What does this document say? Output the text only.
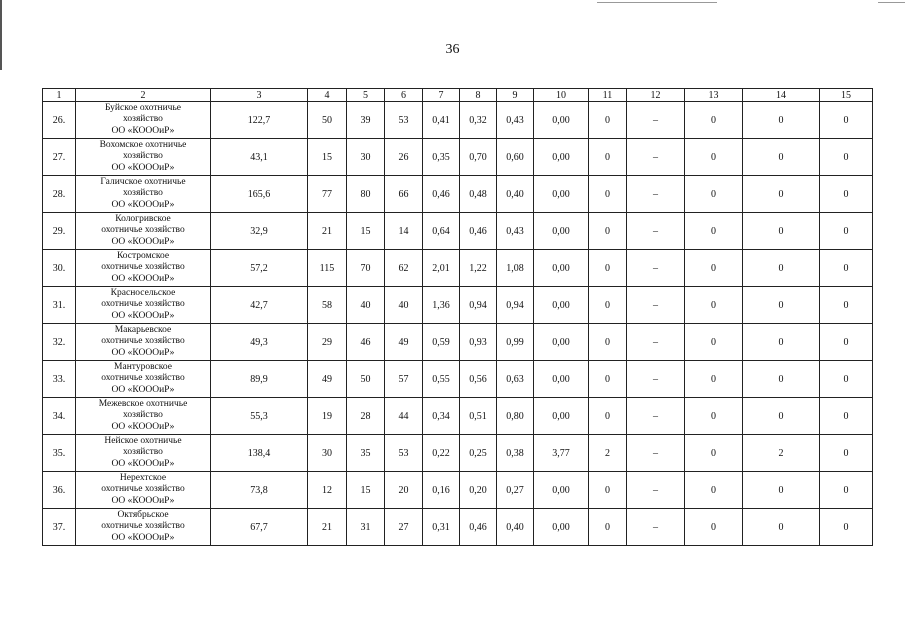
36
1	2	3	4	5	6	7	8	9	10	11	12	13	14	15
26.	Буйское охотничье
хозяйство
ОО «КОООиР»	122,7	50	39	53	0,41	0,32	0,43	0,00	0	–	0	0	0
27.	Вохомское охотничье
хозяйство
ОО «КОООиР»	43,1	15	30	26	0,35	0,70	0,60	0,00	0	–	0	0	0
28.	Галичское охотничье
хозяйство
ОО «КОООиР»	165,6	77	80	66	0,46	0,48	0,40	0,00	0	–	0	0	0
29.	Кологривское
охотничье хозяйство
ОО «КОООиР»	32,9	21	15	14	0,64	0,46	0,43	0,00	0	–	0	0	0
30.	Костромское
охотничье хозяйство
ОО «КОООиР»	57,2	115	70	62	2,01	1,22	1,08	0,00	0	–	0	0	0
31.	Красносельское
охотничье хозяйство
ОО «КОООиР»	42,7	58	40	40	1,36	0,94	0,94	0,00	0	–	0	0	0
32.	Макарьевское
охотничье хозяйство
ОО «КОООиР»	49,3	29	46	49	0,59	0,93	0,99	0,00	0	–	0	0	0
33.	Мантуровское
охотничье хозяйство
ОО «КОООиР»	89,9	49	50	57	0,55	0,56	0,63	0,00	0	–	0	0	0
34.	Межевское охотничье
хозяйство
ОО «КОООиР»	55,3	19	28	44	0,34	0,51	0,80	0,00	0	–	0	0	0
35.	Нейское охотничье
хозяйство
ОО «КОООиР»	138,4	30	35	53	0,22	0,25	0,38	3,77	2	–	0	2	0
36.	Нерехтское
охотничье хозяйство
ОО «КОООиР»	73,8	12	15	20	0,16	0,20	0,27	0,00	0	–	0	0	0
37.	Октябрьское
охотничье хозяйство
ОО «КОООиР»	67,7	21	31	27	0,31	0,46	0,40	0,00	0	–	0	0	0
